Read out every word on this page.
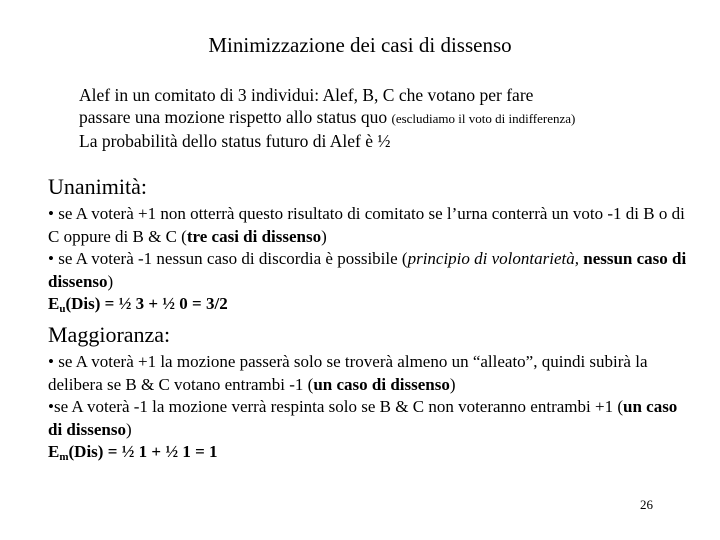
Minimizzazione dei casi di dissenso
Alef in un comitato di 3 individui: Alef, B, C che votano per fare
passare una mozione rispetto allo status quo (escludiamo il voto di indifferenza)
La probabilità dello status futuro di Alef è ½
Unanimità:

• se A voterà +1 non otterrà questo risultato di comitato se l’urna conterrà un voto -1 di B o di C oppure di B & C (tre casi di dissenso)

• se A voterà -1 nessun caso di discordia è possibile (principio di volontarietà, nessun caso di dissenso)

$E_u(Dis)$ = ½ 3 + ½ 0 = 3/2

Maggioranza:

• se A voterà +1 la mozione passerà solo se troverà almeno un “alleato”, quindi subirà la delibera se B & C votano entrambi -1 (un caso di dissenso)

•se A voterà -1 la mozione verrà respinta solo se B & C non voteranno entrambi +1 (un caso di dissenso)

$E_m(Dis)$ = ½ 1 + ½ 1 = 1

26
